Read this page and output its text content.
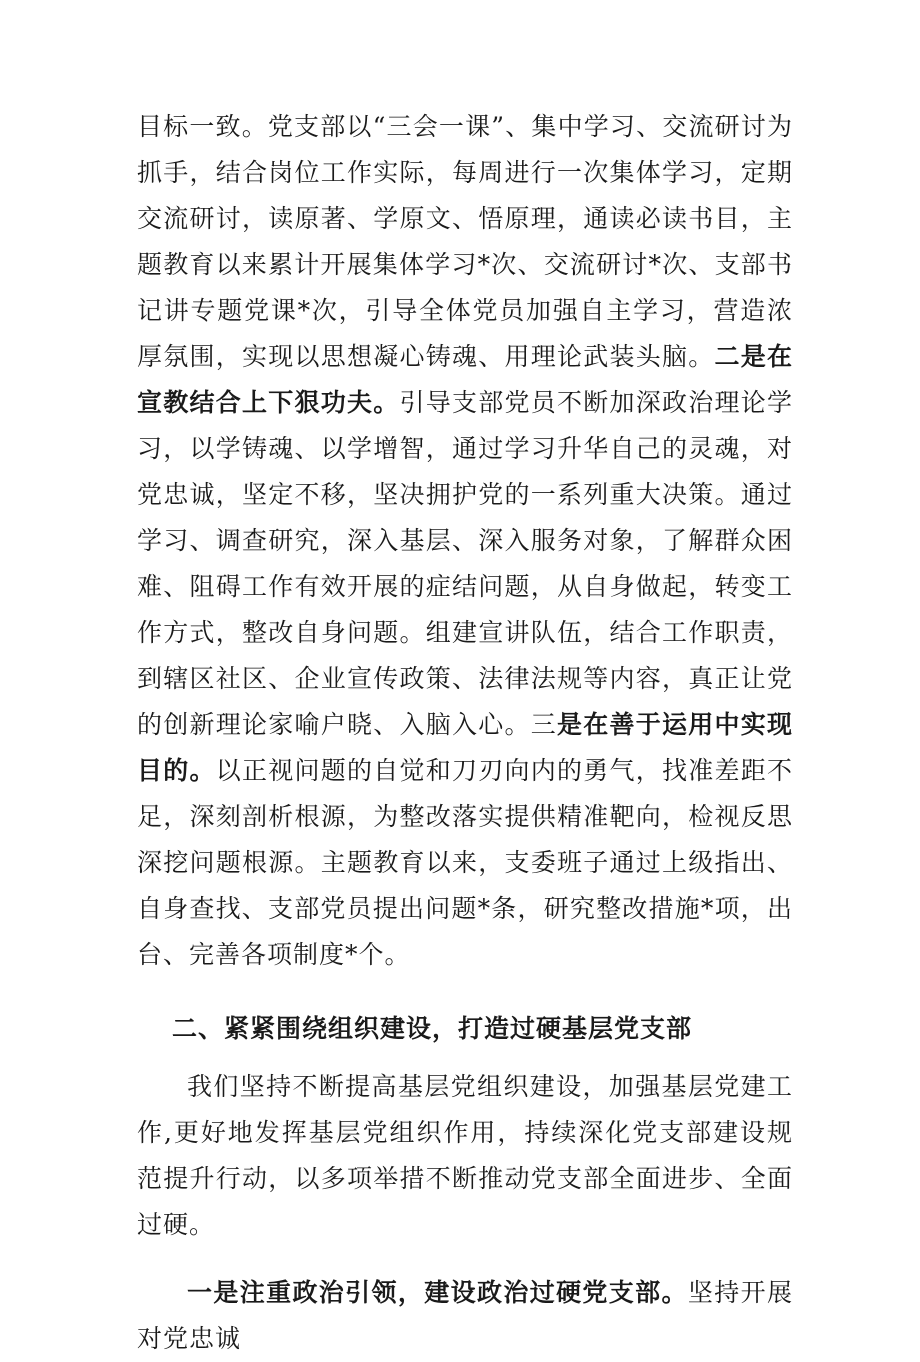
目标一致。党支部以“三会一课”、集中学习、交流研讨为抓手，结合岗位工作实际，每周进行一次集体学习，定期交流研讨，读原著、学原文、悟原理，通读必读书目，主题教育以来累计开展集体学习*次、交流研讨*次、支部书记讲专题党课*次，引导全体党员加强自主学习，营造浓厚氛围，实现以思想凝心铸魂、用理论武装头脑。二是在宣教结合上下狠功夫。引导支部党员不断加深政治理论学习，以学铸魂、以学增智，通过学习升华自己的灵魂，对党忠诚，坚定不移，坚决拥护党的一系列重大决策。通过学习、调查研究，深入基层、深入服务对象，了解群众困难、阻碍工作有效开展的症结问题，从自身做起，转变工作方式，整改自身问题。组建宣讲队伍，结合工作职责，到辖区社区、企业宣传政策、法律法规等内容，真正让党的创新理论家喻户晓、入脑入心。三是在善于运用中实现目的。以正视问题的自觉和刀刃向内的勇气，找准差距不足，深刻剖析根源，为整改落实提供精准靶向，检视反思深挖问题根源。主题教育以来，支委班子通过上级指出、自身查找、支部党员提出问题*条，研究整改措施*项，出台、完善各项制度*个。

二、紧紧围绕组织建设，打造过硬基层党支部

我们坚持不断提高基层党组织建设，加强基层党建工作,更好地发挥基层党组织作用，持续深化党支部建设规范提升行动，以多项举措不断推动党支部全面进步、全面过硬。

一是注重政治引领，建设政治过硬党支部。坚持开展对党忠诚
